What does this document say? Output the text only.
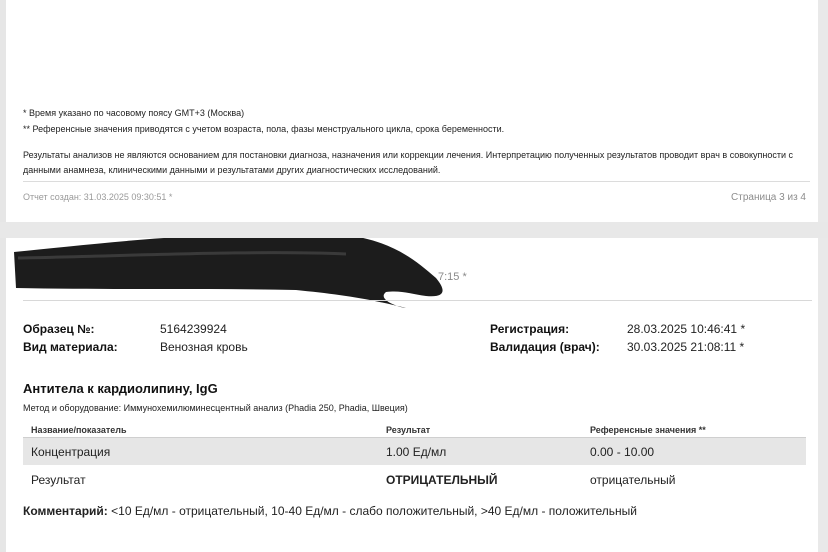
* Время указано по часовому поясу GMT+3 (Москва)
** Референсные значения приводятся с учетом возраста, пола, фазы менструального цикла, срока беременности.
Результаты анализов не являются основанием для постановки диагноза, назначения или коррекции лечения. Интерпретацию полученных результатов проводит врач в совокупности с данными анамнеза, клиническими данными и результатами других диагностических исследований.
Отчет создан: 31.03.2025 09:30:51 *	Страница 3 из 4

7:15 *
Образец №:	5164239924	Регистрация:	28.03.2025 10:46:41 *
Вид материала:	Венозная кровь	Валидация (врач): 30.03.2025 21:08:11 *
Антитела к кардиолипину, IgG
Метод и оборудование: Иммунохемилюминесцентный анализ (Phadia 250, Phadia, Швеция)
Название/показатель	Результат	Референсные значения **
Концентрация	1.00 Ед/мл	0.00 - 10.00
Результат	ОТРИЦАТЕЛЬНЫЙ	отрицательный
Комментарий: <10 Ед/мл - отрицательный, 10-40 Ед/мл - слабо положительный, >40 Ед/мл - положительный
